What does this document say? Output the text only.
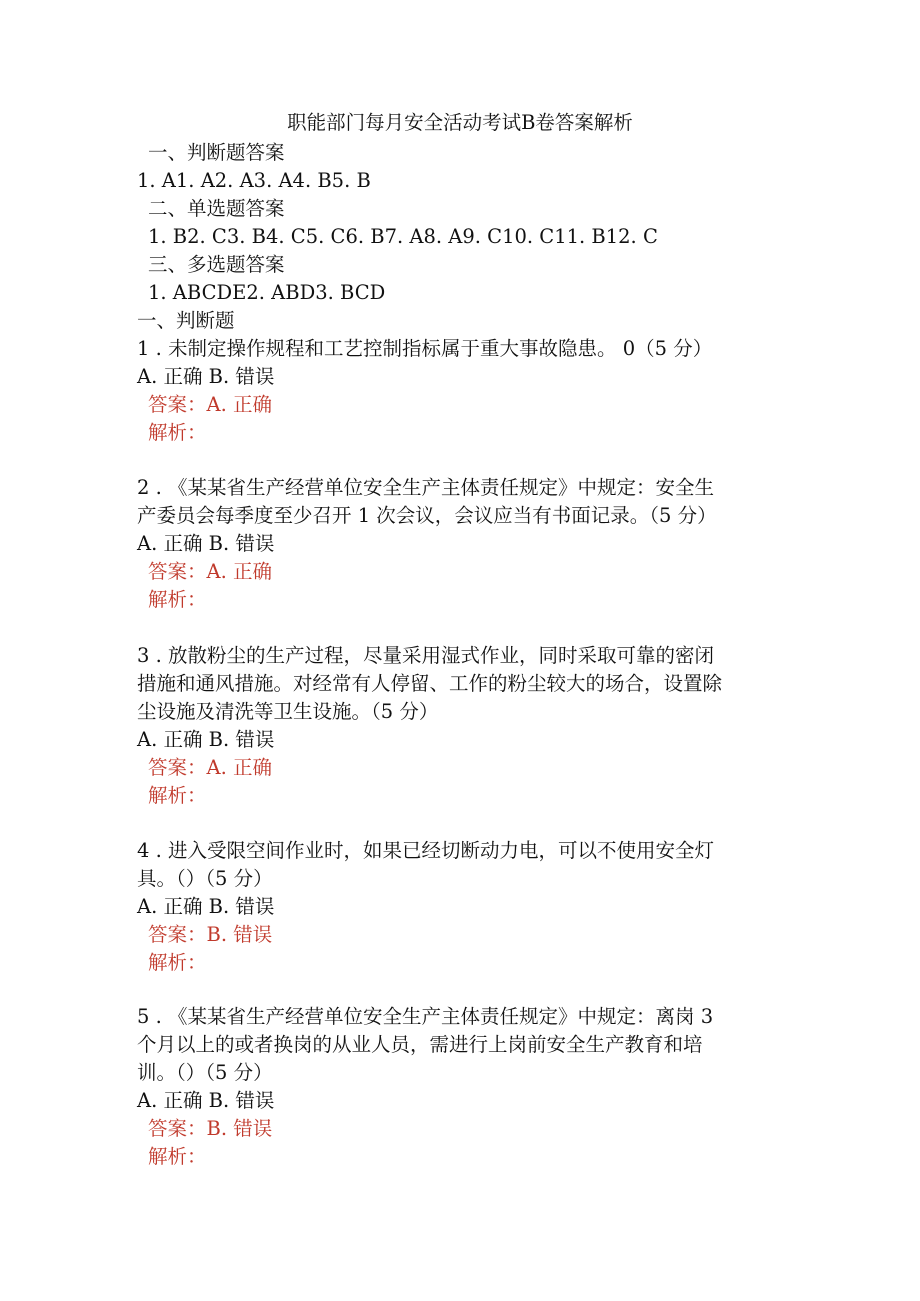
职能部门每月安全活动考试B卷答案解析
一、判断题答案
1. A1. A2. A3. A4. B5. B
二、单选题答案
1. B2. C3. B4. C5. C6. B7. A8. A9. C10. C11. B12. C
三、多选题答案
1. ABCDE2. ABD3. BCD
一、判断题
1 . 未制定操作规程和工艺控制指标属于重大事故隐患。 0（5 分）
A. 正确 B. 错误
答案：A. 正确
解析：
2 . 《某某省生产经营单位安全生产主体责任规定》中规定：安全生
产委员会每季度至少召开 1 次会议，会议应当有书面记录。（5 分）
A. 正确 B. 错误
答案：A. 正确
解析：
3 . 放散粉尘的生产过程，尽量采用湿式作业，同时采取可靠的密闭
措施和通风措施。对经常有人停留、工作的粉尘较大的场合，设置除
尘设施及清洗等卫生设施。（5 分）
A. 正确 B. 错误
答案：A. 正确
解析：
4 . 进入受限空间作业时，如果已经切断动力电，可以不使用安全灯
具。（）（5 分）
A. 正确 B. 错误
答案：B. 错误
解析：
5 . 《某某省生产经营单位安全生产主体责任规定》中规定：离岗 3
个月以上的或者换岗的从业人员，需进行上岗前安全生产教育和培
训。（）（5 分）
A. 正确 B. 错误
答案：B. 错误
解析：
